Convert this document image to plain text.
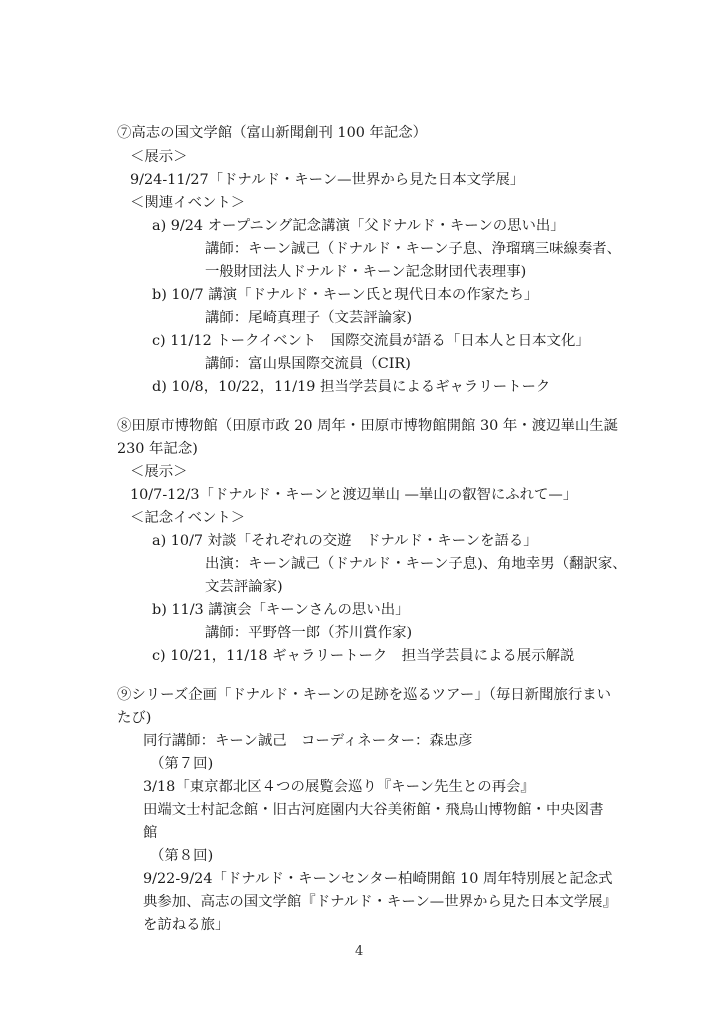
⑦高志の国文学館（富山新聞創刊 100 年記念）
＜展示＞
9/24-11/27「ドナルド・キーン—世界から見た日本文学展」
＜関連イベント＞
a) 9/24 オープニング記念講演「父ドナルド・キーンの思い出」
講師：キーン誠己（ドナルド・キーン子息、浄瑠璃三味線奏者、
一般財団法人ドナルド・キーン記念財団代表理事)
b) 10/7 講演「ドナルド・キーン氏と現代日本の作家たち」
講師：尾崎真理子（文芸評論家)
c) 11/12 トークイベント　国際交流員が語る「日本人と日本文化」
講師：富山県国際交流員（CIR)
d) 10/8，10/22，11/19 担当学芸員によるギャラリートーク
⑧田原市博物館（田原市政 20 周年・田原市博物館開館 30 年・渡辺崋山生誕
230 年記念)
＜展示＞
10/7-12/3「ドナルド・キーンと渡辺崋山 —崋山の叡智にふれて—」
＜記念イベント＞
a) 10/7 対談「それぞれの交遊　ドナルド・キーンを語る」
出演：キーン誠己（ドナルド・キーン子息)、角地幸男（翻訳家、
文芸評論家)
b) 11/3 講演会「キーンさんの思い出」
講師：平野啓一郎（芥川賞作家)
c) 10/21，11/18 ギャラリートーク　担当学芸員による展示解説
⑨シリーズ企画「ドナルド・キーンの足跡を巡るツアー」（毎日新聞旅行まい
たび)
同行講師：キーン誠己　コーディネーター：森忠彦
（第７回)
3/18「東京都北区４つの展覧会巡り『キーン先生との再会』
田端文士村記念館・旧古河庭園内大谷美術館・飛鳥山博物館・中央図書
館
（第８回)
9/22-9/24「ドナルド・キーンセンター柏崎開館 10 周年特別展と記念式
典参加、高志の国文学館『ドナルド・キーン—世界から見た日本文学展』
を訪ねる旅」
4
